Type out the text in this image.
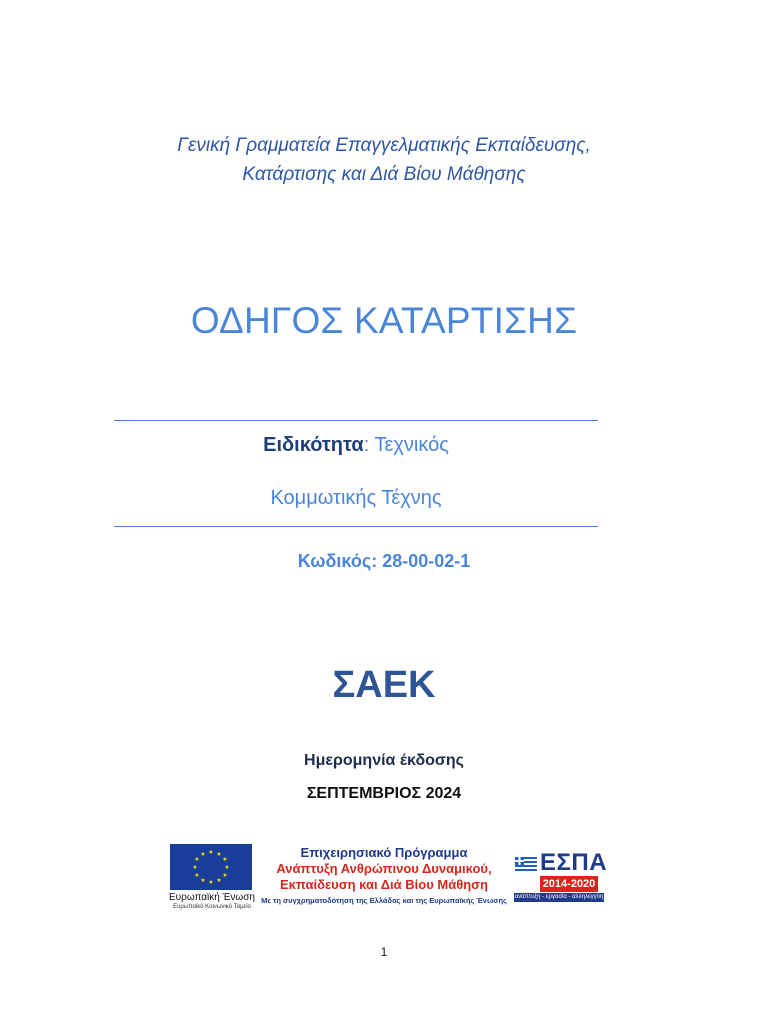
Γενική Γραμματεία Επαγγελματικής Εκπαίδευσης,
Κατάρτισης και Διά Βίου Μάθησης
ΟΔΗΓΟΣ ΚΑΤΑΡΤΙΣΗΣ
Ειδικότητα: Τεχνικός
Κομμωτικής Τέχνης
Κωδικός: 28-00-02-1
ΣΑΕΚ
Ημερομηνία έκδοσης
ΣΕΠΤΕΜΒΡΙΟΣ 2024
★ ★
★
★
★
★
★
★
★
★
★
★
Ευρωπαϊκή Ένωση
Ευρωπαϊκό Κοινωνικό Ταμείο
Επιχειρησιακό Πρόγραμμα
Ανάπτυξη Ανθρώπινου Δυναμικού,
Εκπαίδευση και Διά Βίου Μάθηση
Με τη συγχρηματοδότηση της Ελλάδας και της Ευρωπαϊκής Ένωσης
ΕΣΠΑ
2014-2020
ανάπτυξη - εργασία - αλληλεγγύη
1
